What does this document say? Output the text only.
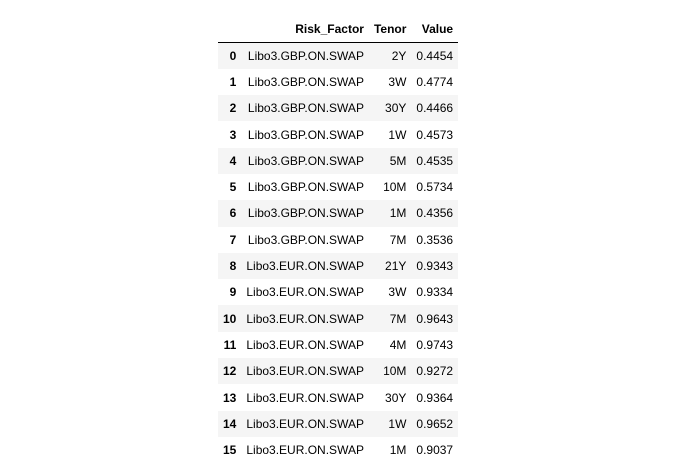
	Risk_Factor	Tenor	Value
0	Libo3.GBP.ON.SWAP	2Y	0.4454
1	Libo3.GBP.ON.SWAP	3W	0.4774
2	Libo3.GBP.ON.SWAP	30Y	0.4466
3	Libo3.GBP.ON.SWAP	1W	0.4573
4	Libo3.GBP.ON.SWAP	5M	0.4535
5	Libo3.GBP.ON.SWAP	10M	0.5734
6	Libo3.GBP.ON.SWAP	1M	0.4356
7	Libo3.GBP.ON.SWAP	7M	0.3536
8	Libo3.EUR.ON.SWAP	21Y	0.9343
9	Libo3.EUR.ON.SWAP	3W	0.9334
10	Libo3.EUR.ON.SWAP	7M	0.9643
11	Libo3.EUR.ON.SWAP	4M	0.9743
12	Libo3.EUR.ON.SWAP	10M	0.9272
13	Libo3.EUR.ON.SWAP	30Y	0.9364
14	Libo3.EUR.ON.SWAP	1W	0.9652
15	Libo3.EUR.ON.SWAP	1M	0.9037
